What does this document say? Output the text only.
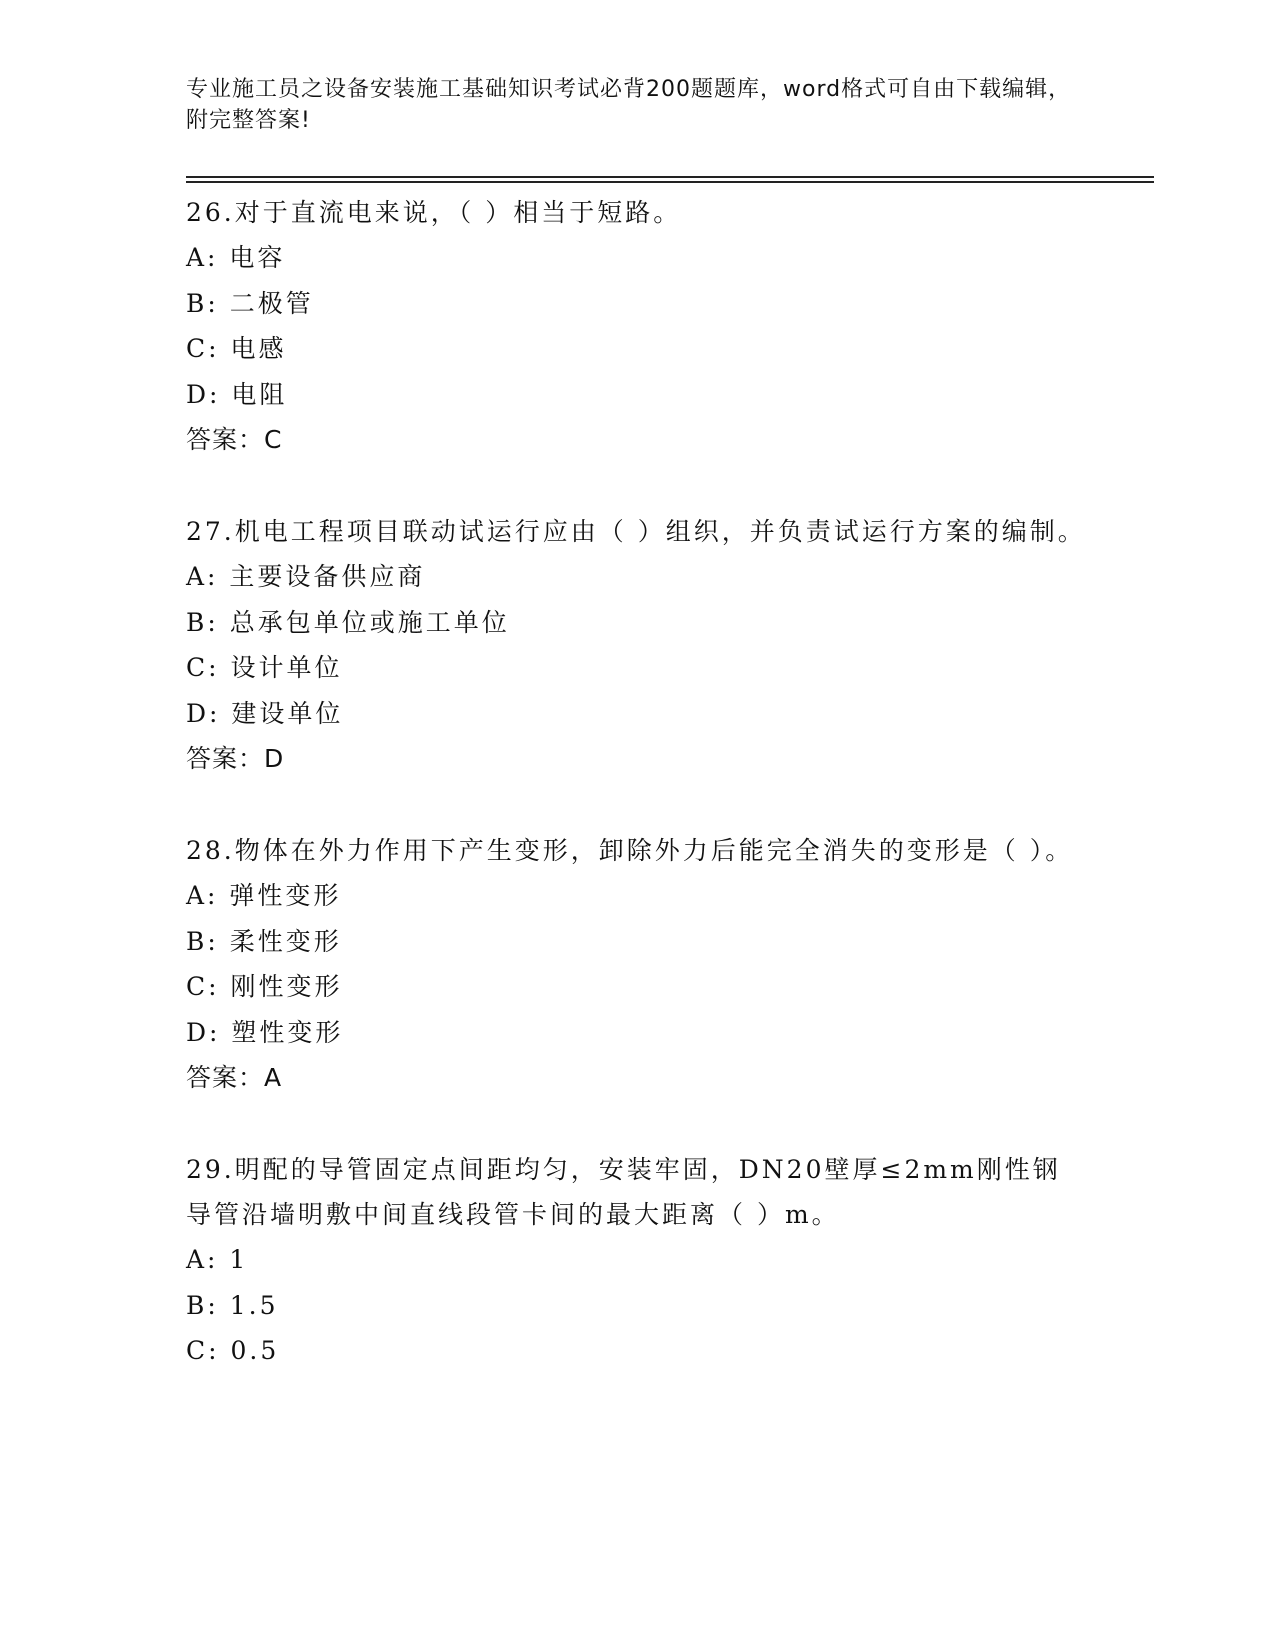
专业施工员之设备安装施工基础知识考试必背200题题库，word格式可自由下载编辑，附完整答案!

26.对于直流电来说，（ ）相当于短路。

A: 电容

B: 二极管

C: 电感

D: 电阻

答案：C

27.机电工程项目联动试运行应由（ ）组织，并负责试运行方案的编制。

A: 主要设备供应商

B: 总承包单位或施工单位

C: 设计单位

D: 建设单位

答案：D

28.物体在外力作用下产生变形，卸除外力后能完全消失的变形是（ ）。

A: 弹性变形

B: 柔性变形

C: 刚性变形

D: 塑性变形

答案：A

29.明配的导管固定点间距均匀，安装牢固，DN20壁厚≤2mm刚性钢导管沿墙明敷中间直线段管卡间的最大距离（ ）m。

A: 1

B: 1.5

C: 0.5
